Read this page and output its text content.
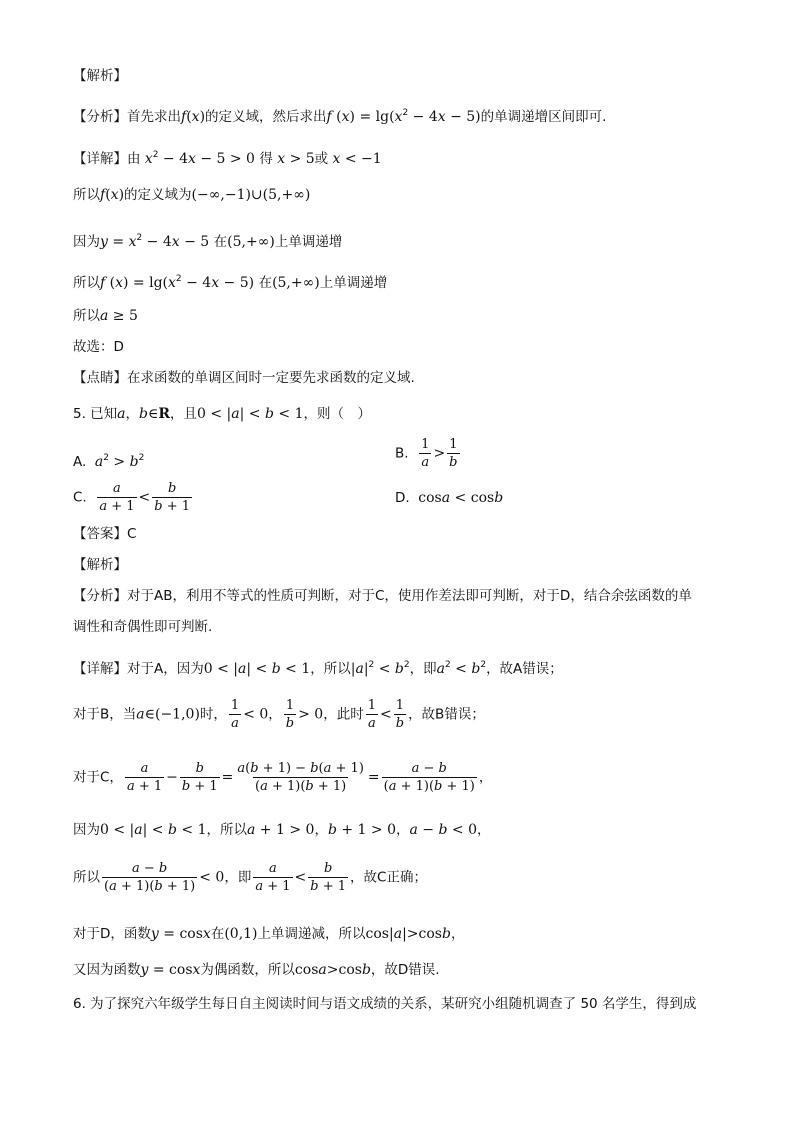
【解析】
【分析】首先求出f(x)的定义域，然后求出f $(x) = \lg(x^2 - 4x - 5)$的单调递增区间即可.
【详解】由 $x^2 - 4x - 5 > 0$ 得 x > 5或 x < −1
所以f(x)的定义域为(−∞,−1)∪(5,+∞)
因为$y = x^2 - 4x - 5$ 在(5,+∞)上单调递增
所以f $(x) = \lg(x^2 - 4x - 5)$ 在(5,+∞)上单调递增
所以a ≥ 5
故选：D
【点睛】在求函数的单调区间时一定要先求函数的定义域.
5. 已知a，b∈R，且0 < |a| < b < 1，则（　）
A. $a^2 > b^2$	B. $\frac{1}{a} > \frac{1}{b}$
C. $\frac{a}{a + 1} < \frac{b}{b + 1}$	D. cosa < cosb
【答案】C
【解析】
【分析】对于AB，利用不等式的性质可判断，对于C，使用作差法即可判断，对于D，结合余弦函数的单
调性和奇偶性即可判断.
【详解】对于A，因为0 < |a| < b < 1，所以$|a|^2 < b^2$，即$a^2 < b^2$，故A错误；
对于B，当a∈(−1,0)时， $\frac{1}{a} < 0$， $\frac{1}{b} > 0$，此时 $\frac{1}{a} < \frac{1}{b}$ ，故B错误；
对于C， $\frac{a}{a + 1} - \frac{b}{b + 1} = \frac{a(b + 1) - b(a + 1)}{(a + 1)(b + 1)} = \frac{a - b}{(a + 1)(b + 1)}$ ，
因为0 < |a| < b < 1，所以a + 1 > 0，b + 1 > 0，a − b < 0，
所以 $\frac{a - b}{(a + 1)(b + 1)} < 0$，即 $\frac{a}{a + 1} < \frac{b}{b + 1}$ ，故C正确；
对于D，函数y = cosx在(0,1)上单调递减，所以cos|a|>cosb，
又因为函数y = cosx为偶函数，所以cosa>cosb，故D错误.
6. 为了探究六年级学生每日自主阅读时间与语文成绩的关系，某研究小组随机调查了 50 名学生，得到成
